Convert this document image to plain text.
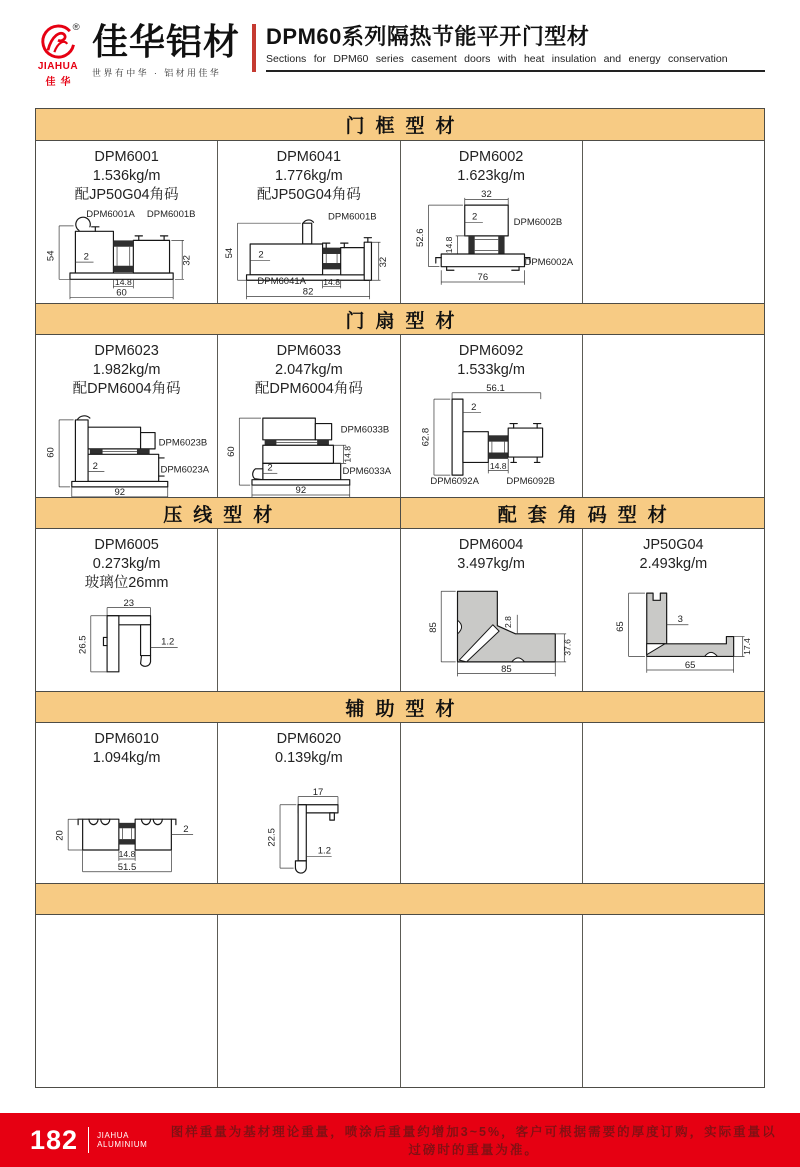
®
JIAHUA
佳华
佳华铝材
世界有中华 · 铝材用佳华
DPM60系列隔热节能平开门型材
Sections for DPM60 series casement doors with heat insulation and energy conservation
门框型材
DPM6001
1.536kg/m
配JP50G04角码
DPM6001A DPM6001B
54	2	32
14.8
60
DPM6041
1.776kg/m
配JP50G04角码
DPM6001B
54 2
DPM6041A 14.8
32
82
DPM6002
1.623kg/m
32
DPM6002B
2
14.8
DPM6002A
52.6
76
门扇型材
DPM6023
1.982kg/m
配DPM6004角码
DPM6023B
DPM6023A
60
2
92
DPM6033
2.047kg/m
配DPM6004角码
14.8
DPM6033B
DPM6033A
60
2
92
DPM6092
1.533kg/m
56.1
2
62.8
14.8
DPM6092A	DPM6092B
压线型材	配套角码型材
DPM6005
0.273kg/m
玻璃位26mm
23
26.5	1.2
DPM6004
3.497kg/m
85	2.8
37.6
85
JP50G04
2.493kg/m
65
3
17.4
65
辅助型材
DPM6010
1.094kg/m
20
2
14.8
51.5
DPM6020
0.139kg/m
17
22.5
1.2
182 JIAHUA
ALUMINIUM
图样重量为基材理论重量，喷涂后重量约增加3~5%，客户可根据需要的厚度订购，实际重量以过磅时的重量为准。
